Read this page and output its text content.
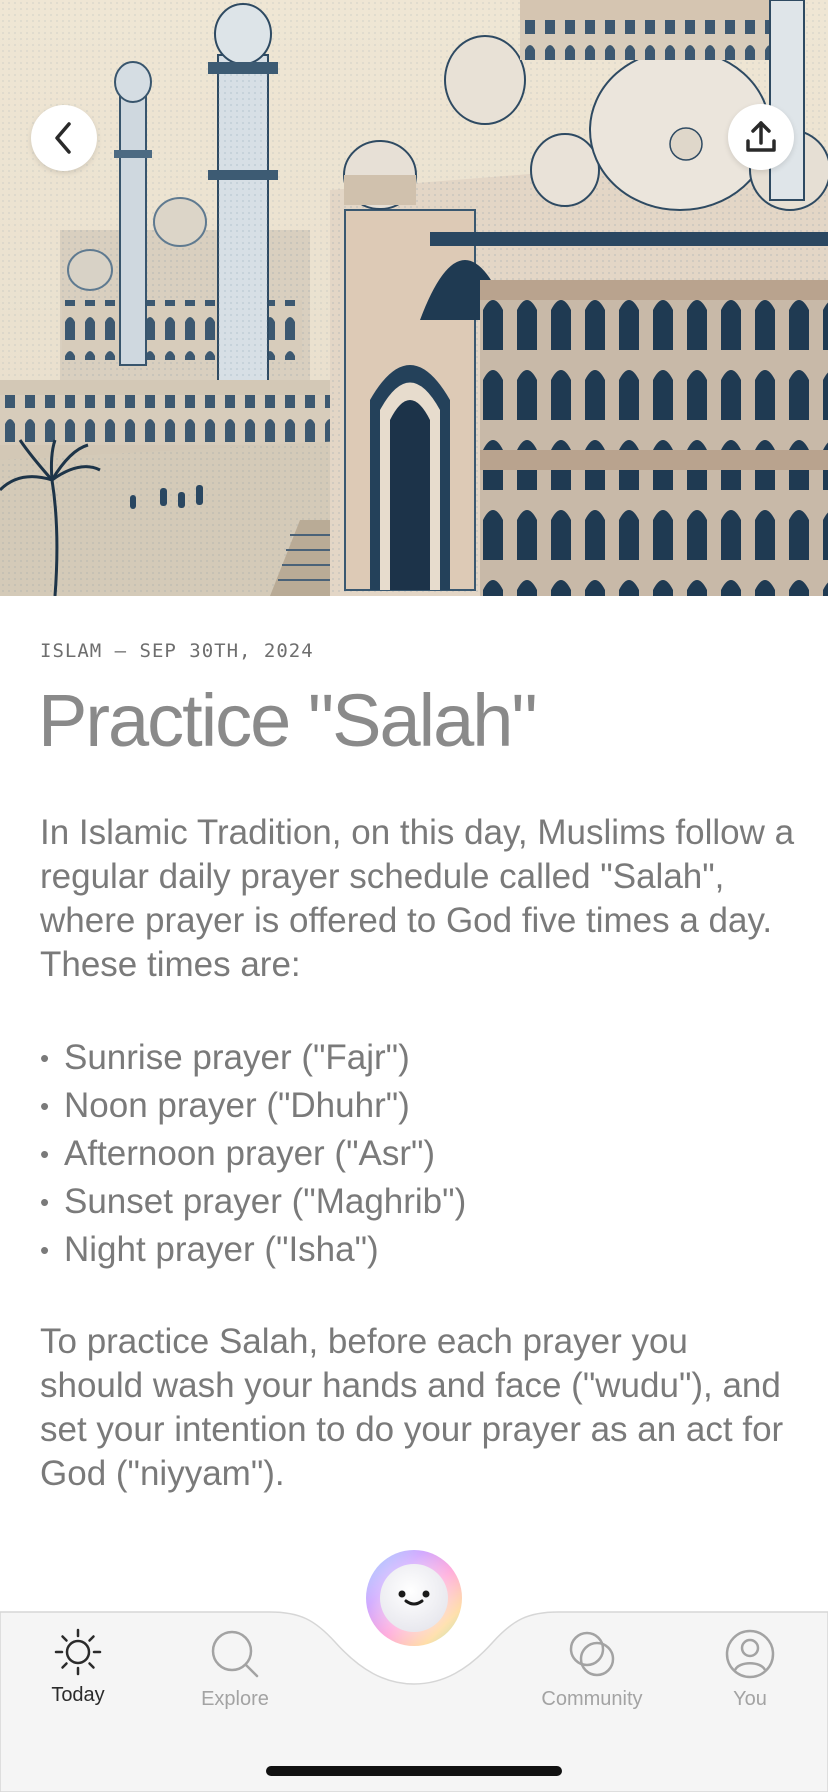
ISLAM — SEP 30TH, 2024
Practice "Salah"

In Islamic Tradition, on this day, Muslims follow a regular daily prayer schedule called "Salah", where prayer is offered to God five times a day. These times are:

• Sunrise prayer ("Fajr")
• Noon prayer ("Dhuhr")
• Afternoon prayer ("Asr")
• Sunset prayer ("Maghrib")
• Night prayer ("Isha")

To practice Salah, before each prayer you should wash your hands and face ("wudu"), and set your intention to do your prayer as an act for God ("niyyam").

Today	Explore	Community	You
